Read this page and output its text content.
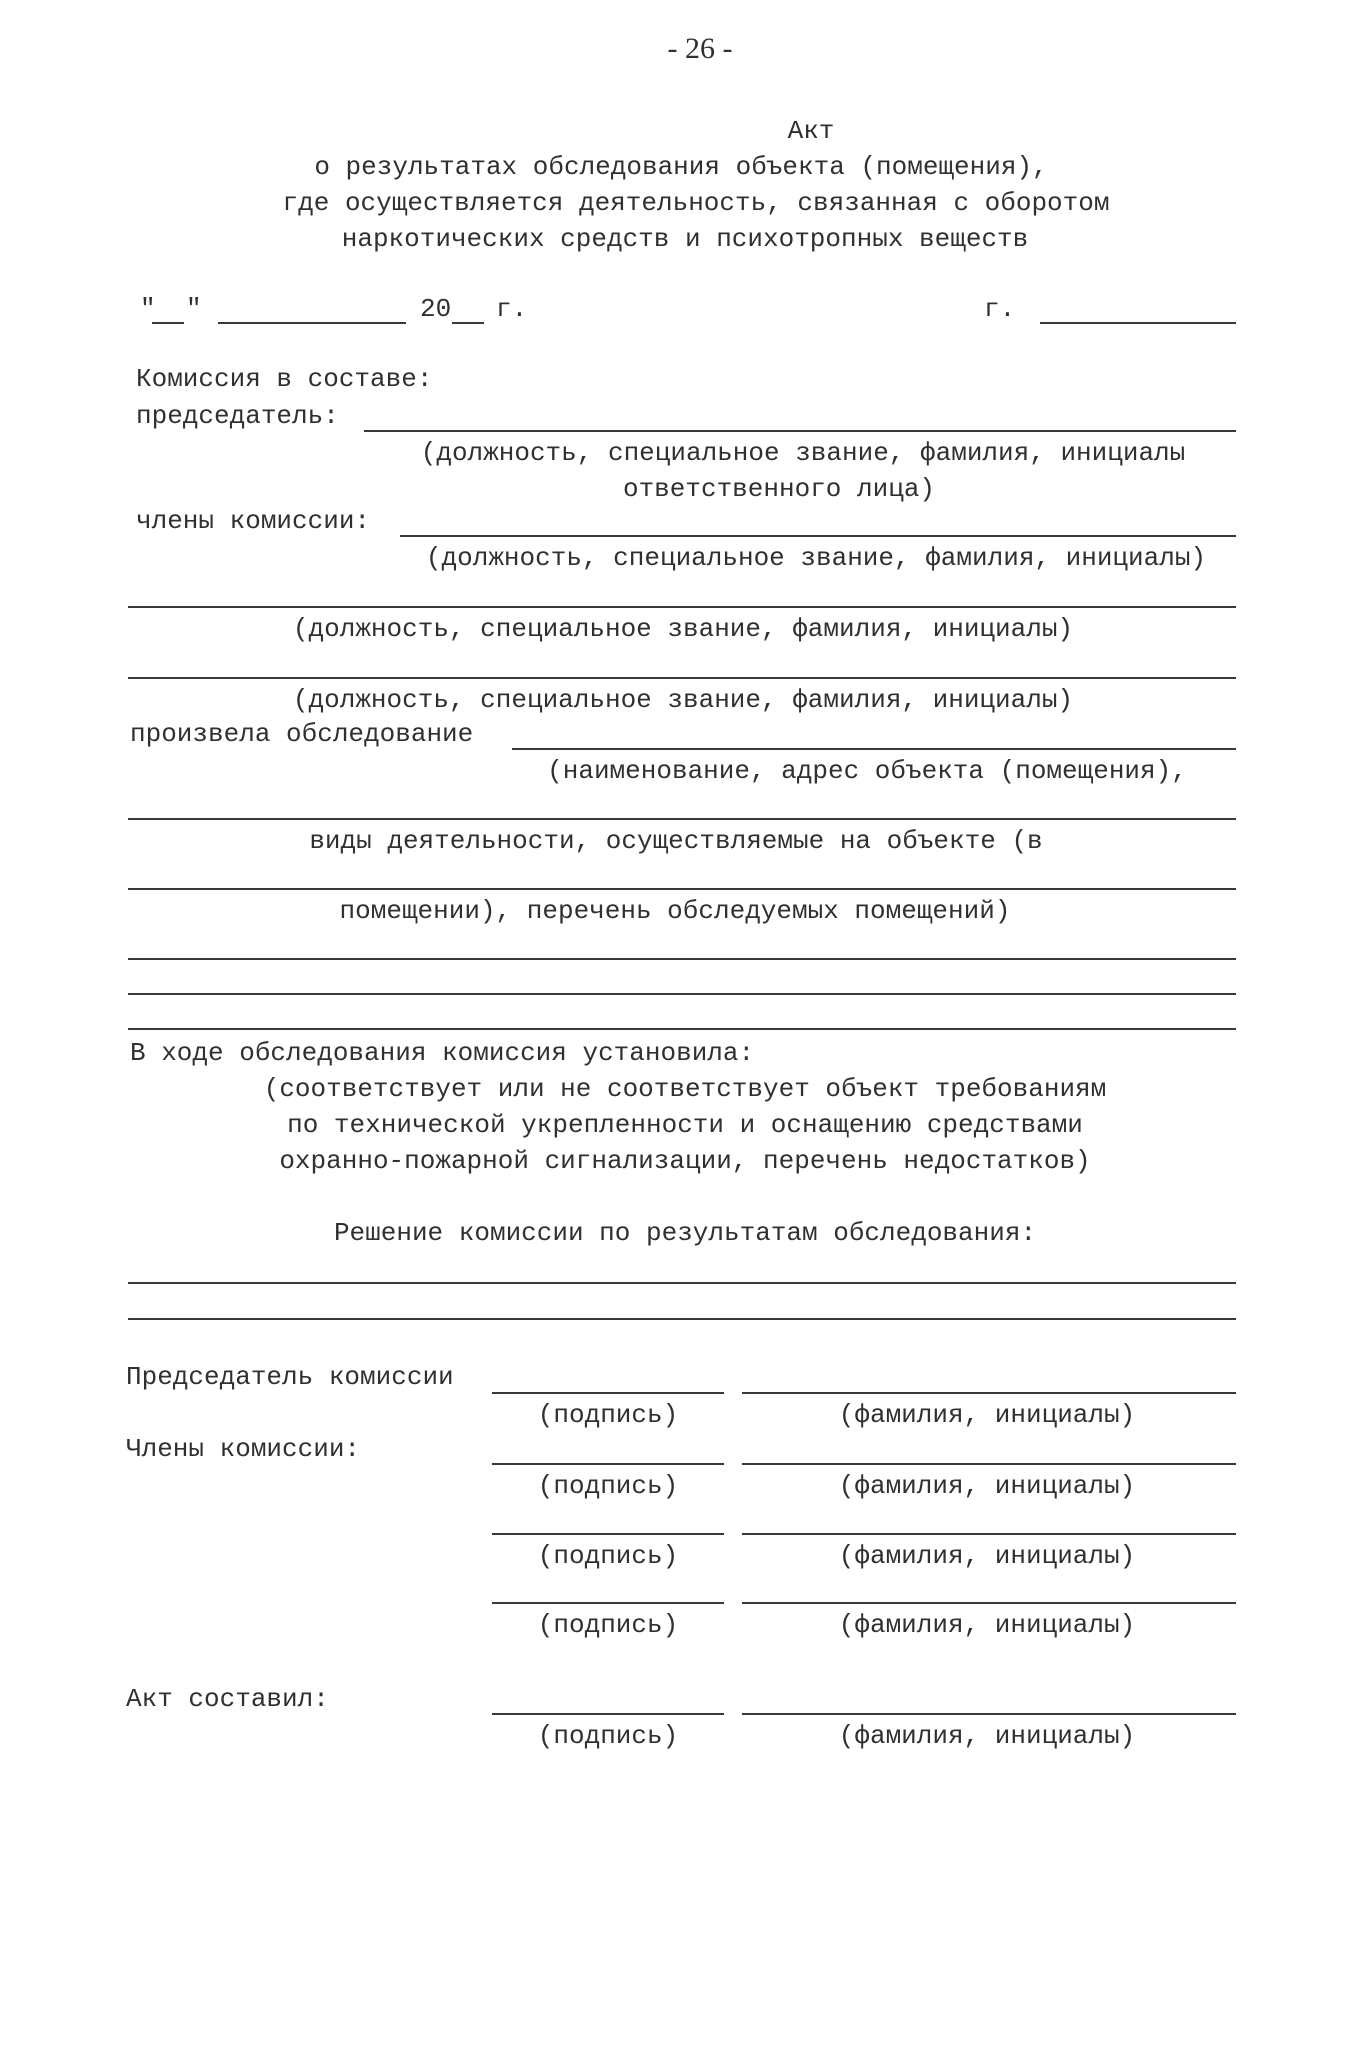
- 26 -
Акт
о результатах обследования объекта (помещения),
где осуществляется деятельность, связанная с оборотом
наркотических средств и психотропных веществ
" "	20 г.	г.
Комиссия в составе:
председатель:
(должность, специальное звание, фамилия, инициалы
ответственного лица)
члены комиссии:
(должность, специальное звание, фамилия, инициалы)
(должность, специальное звание, фамилия, инициалы)
(должность, специальное звание, фамилия, инициалы)
произвела обследование
(наименование, адрес объекта (помещения),
виды деятельности, осуществляемые на объекте (в
помещении), перечень обследуемых помещений)
В ходе обследования комиссия установила:
(соответствует или не соответствует объект требованиям
по технической укрепленности и оснащению средствами
охранно-пожарной сигнализации, перечень недостатков)
Решение комиссии по результатам обследования:
Председатель комиссии
(подпись)	(фамилия, инициалы)
Члены комиссии:
(подпись)	(фамилия, инициалы)
(подпись)	(фамилия, инициалы)
(подпись)	(фамилия, инициалы)
Акт составил:
(подпись)	(фамилия, инициалы)
